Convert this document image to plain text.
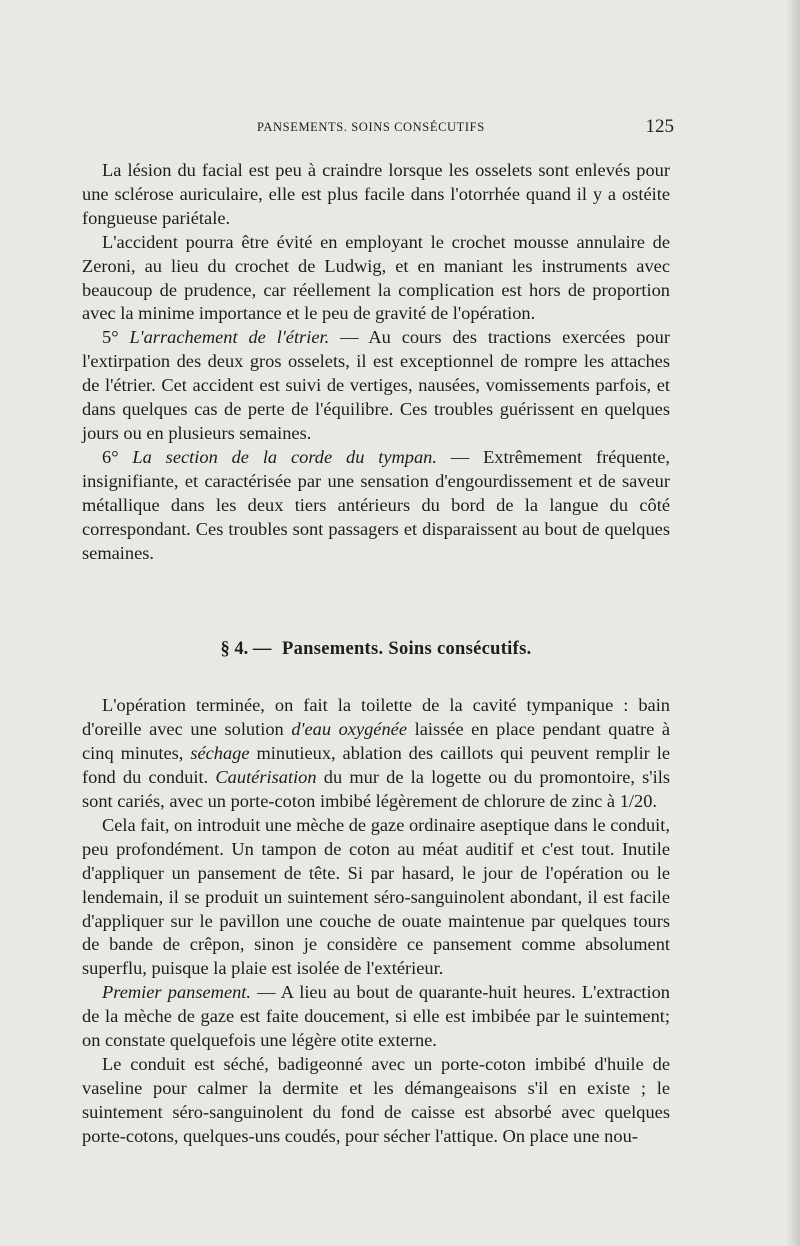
PANSEMENTS. SOINS CONSÉCUTIFS	125

La lésion du facial est peu à craindre lorsque les osselets sont enlevés pour une sclérose auriculaire, elle est plus facile dans l'otorrhée quand il y a ostéite fongueuse pariétale.

L'accident pourra être évité en employant le crochet mousse annulaire de Zeroni, au lieu du crochet de Ludwig, et en maniant les instruments avec beaucoup de prudence, car réellement la complication est hors de proportion avec la minime importance et le peu de gravité de l'opération.

5° L'arrachement de l'étrier. — Au cours des tractions exercées pour l'extirpation des deux gros osselets, il est exceptionnel de rompre les attaches de l'étrier. Cet accident est suivi de vertiges, nausées, vomissements parfois, et dans quelques cas de perte de l'équilibre. Ces troubles guérissent en quelques jours ou en plusieurs semaines.

6° La section de la corde du tympan. — Extrêmement fréquente, insignifiante, et caractérisée par une sensation d'engourdissement et de saveur métallique dans les deux tiers antérieurs du bord de la langue du côté correspondant. Ces troubles sont passagers et disparaissent au bout de quelques semaines.

§ 4. — Pansements. Soins consécutifs.

L'opération terminée, on fait la toilette de la cavité tympanique : bain d'oreille avec une solution d'eau oxygénée laissée en place pendant quatre à cinq minutes, séchage minutieux, ablation des caillots qui peuvent remplir le fond du conduit. Cautérisation du mur de la logette ou du promontoire, s'ils sont cariés, avec un porte-coton imbibé légèrement de chlorure de zinc à 1/20.

Cela fait, on introduit une mèche de gaze ordinaire aseptique dans le conduit, peu profondément. Un tampon de coton au méat auditif et c'est tout. Inutile d'appliquer un pansement de tête. Si par hasard, le jour de l'opération ou le lendemain, il se produit un suintement séro-sanguinolent abondant, il est facile d'appliquer sur le pavillon une couche de ouate maintenue par quelques tours de bande de crêpon, sinon je considère ce pansement comme absolument superflu, puisque la plaie est isolée de l'extérieur.

Premier pansement. — A lieu au bout de quarante-huit heures. L'extraction de la mèche de gaze est faite doucement, si elle est imbibée par le suintement; on constate quelquefois une légère otite externe.

Le conduit est séché, badigeonné avec un porte-coton imbibé d'huile de vaseline pour calmer la dermite et les démangeaisons s'il en existe ; le suintement séro-sanguinolent du fond de caisse est absorbé avec quelques porte-cotons, quelques-uns coudés, pour sécher l'attique. On place une nou-
